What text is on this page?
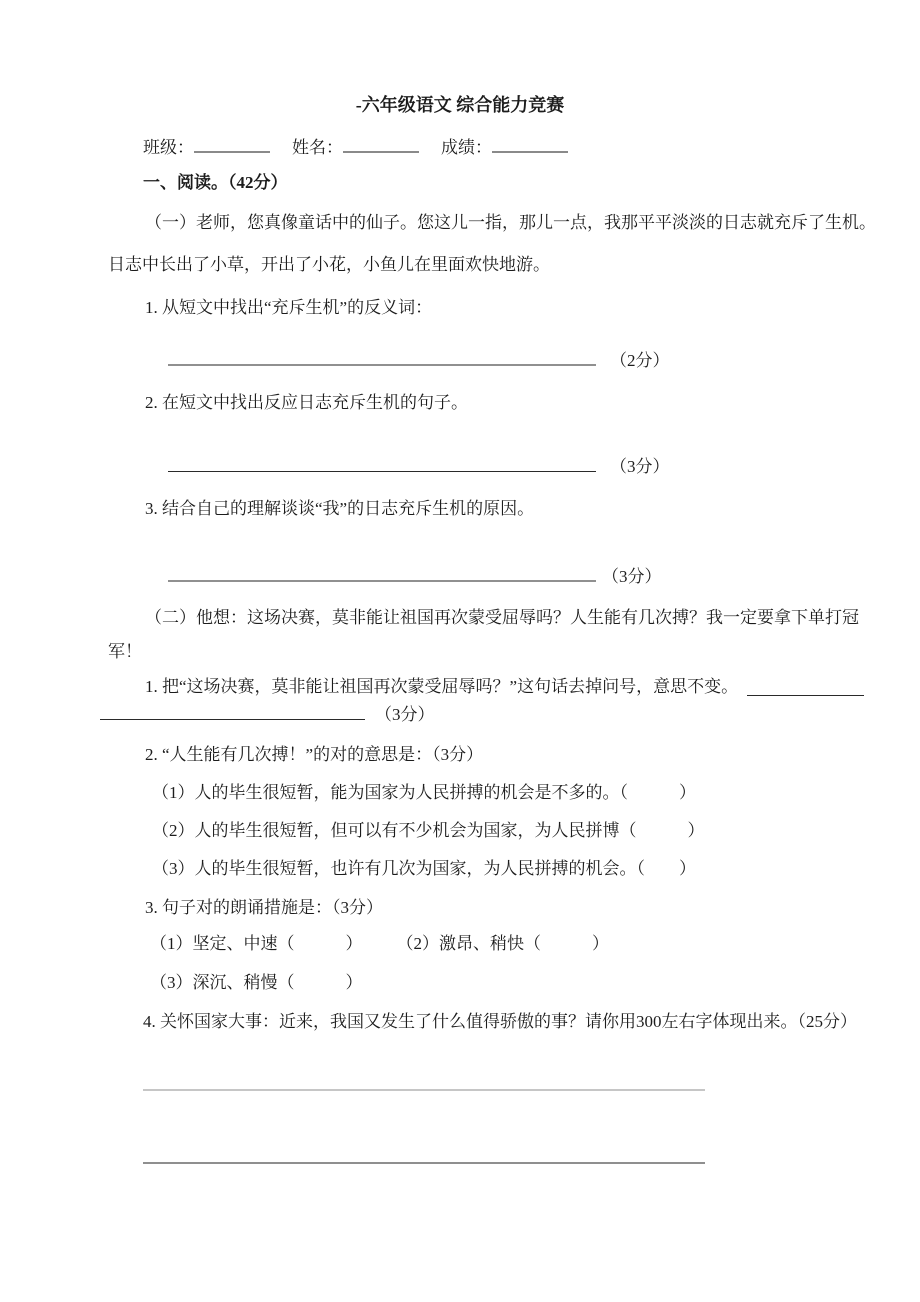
-六年级语文 综合能力竞赛
班级：	姓名：	成绩：
一、阅读。（42分）
（一）老师，您真像童话中的仙子。您这儿一指，那儿一点，我那平平淡淡的日志就充斥了生机。
日志中长出了小草，开出了小花，小鱼儿在里面欢快地游。
1. 从短文中找出“充斥生机”的反义词：
（2分）
2. 在短文中找出反应日志充斥生机的句子。
（3分）
3. 结合自己的理解谈谈“我”的日志充斥生机的原因。
（3分）
（二）他想：这场决赛，莫非能让祖国再次蒙受屈辱吗？人生能有几次搏？我一定要拿下单打冠
军！
1. 把“这场决赛，莫非能让祖国再次蒙受屈辱吗？”这句话去掉问号，意思不变。
（3分）
2. “人生能有几次搏！”的对的意思是：（3分）
（1）人的毕生很短暂，能为国家为人民拼搏的机会是不多的。（　　　）
（2）人的毕生很短暂，但可以有不少机会为国家，为人民拼博（　　　）
（3）人的毕生很短暂，也许有几次为国家，为人民拼搏的机会。（　　）
3. 句子对的朗诵措施是：（3分）
（1）坚定、中速（　　　）　　　（2）激昂、稍快（　　　）
（3）深沉、稍慢（　　　）
4. 关怀国家大事：近来，我国又发生了什么值得骄傲的事？请你用300左右字体现出来。（25分）
